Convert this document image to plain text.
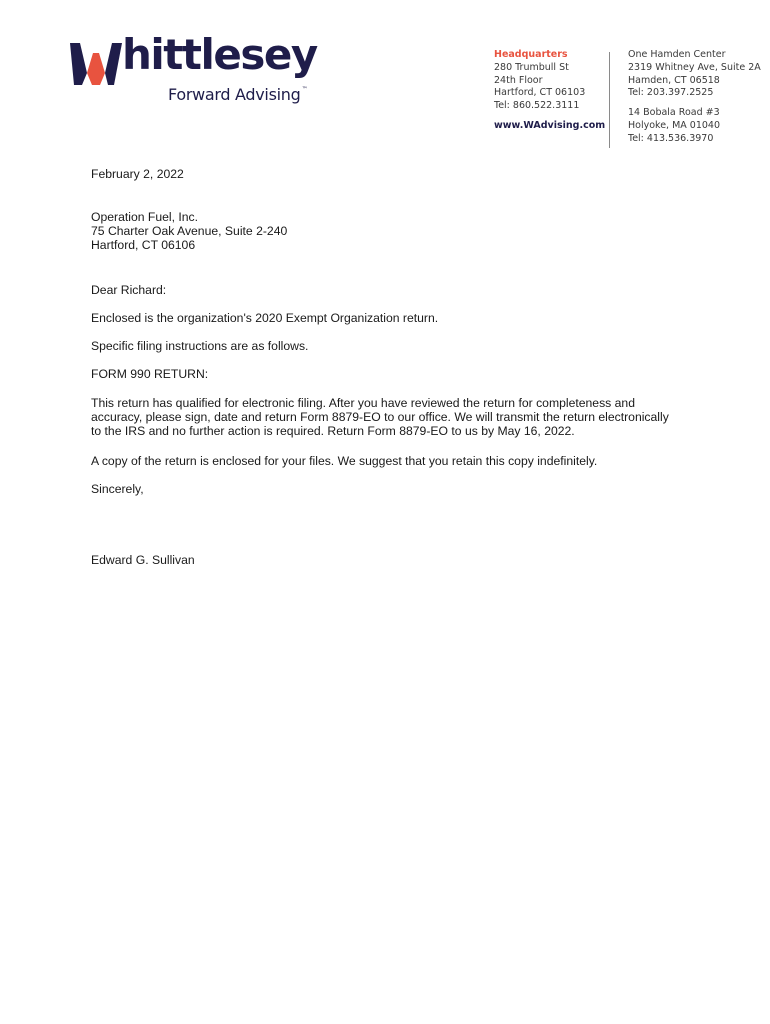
hittlesey
Forward Advising™
Headquarters
280 Trumbull St
24th Floor
Hartford, CT 06103
Tel: 860.522.3111
www.WAdvising.com
One Hamden Center
2319 Whitney Ave, Suite 2A
Hamden, CT 06518
Tel: 203.397.2525
14 Bobala Road #3
Holyoke, MA 01040
Tel: 413.536.3970

February 2, 2022

Operation Fuel, Inc.

75 Charter Oak Avenue, Suite 2-240

Hartford, CT 06106

Dear Richard:

Enclosed is the organization's 2020 Exempt Organization return.

Specific filing instructions are as follows.

FORM 990 RETURN:

This return has qualified for electronic filing. After you have reviewed the return for completeness and accuracy, please sign, date and return Form 8879-EO to our office. We will transmit the return electronically to the IRS and no further action is required. Return Form 8879-EO to us by May 16, 2022.

A copy of the return is enclosed for your files. We suggest that you retain this copy indefinitely.

Sincerely,

Edward G. Sullivan
